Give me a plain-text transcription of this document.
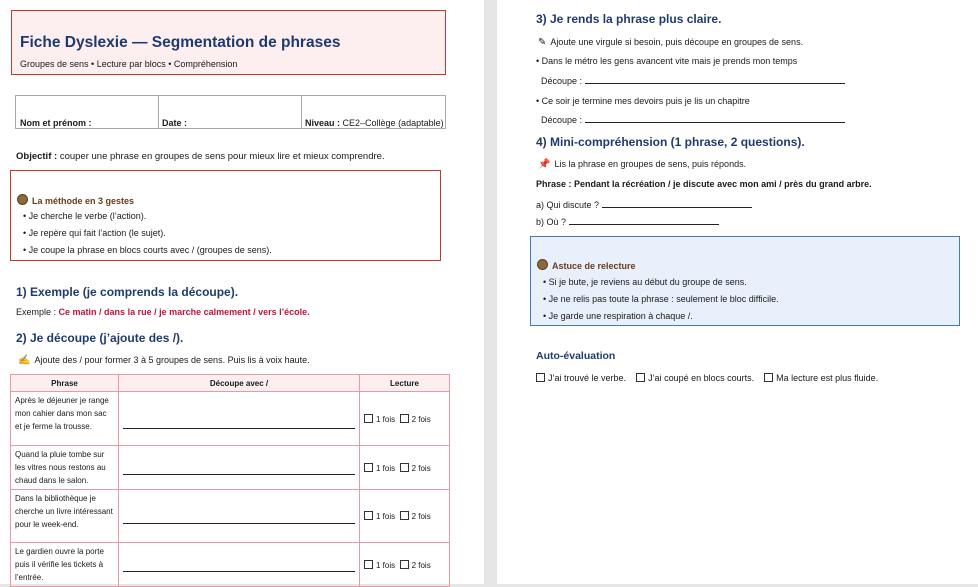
Fiche Dyslexie — Segmentation de phrases
Groupes de sens • Lecture par blocs • Compréhension
Nom et prénom :	Date :	Niveau : CE2–Collège (adaptable)
Objectif : couper une phrase en groupes de sens pour mieux lire et mieux comprendre.
La méthode en 3 gestes
• Je cherche le verbe (l’action).
• Je repère qui fait l’action (le sujet).
• Je coupe la phrase en blocs courts avec / (groupes de sens).
1) Exemple (je comprends la découpe).
Exemple : Ce matin / dans la rue / je marche calmement / vers l’école.
2) Je découpe (j’ajoute des /).
✍ Ajoute des / pour former 3 à 5 groupes de sens. Puis lis à voix haute.
Phrase	Découpe avec /	Lecture
Après le déjeuner je range mon cahier dans mon sac et je ferme la trousse.		1 fois 2 fois
Quand la pluie tombe sur les vitres nous restons au chaud dans le salon.		1 fois 2 fois
Dans la bibliothèque je cherche un livre intéressant pour le week-end.		1 fois 2 fois
Le gardien ouvre la porte puis il vérifie les tickets à l’entrée.		1 fois 2 fois
3) Je rends la phrase plus claire.
✎ Ajoute une virgule si besoin, puis découpe en groupes de sens.
• Dans le métro les gens avancent vite mais je prends mon temps
Découpe :
• Ce soir je termine mes devoirs puis je lis un chapitre
Découpe :
4) Mini-compréhension (1 phrase, 2 questions).
📌 Lis la phrase en groupes de sens, puis réponds.
Phrase : Pendant la récréation / je discute avec mon ami / près du grand arbre.
a) Qui discute ?
b) Où ?
Astuce de relecture
• Si je bute, je reviens au début du groupe de sens.
• Je ne relis pas toute la phrase : seulement le bloc difficile.
• Je garde une respiration à chaque /.
Auto-évaluation
J’ai trouvé le verbe. J’ai coupé en blocs courts. Ma lecture est plus fluide.
